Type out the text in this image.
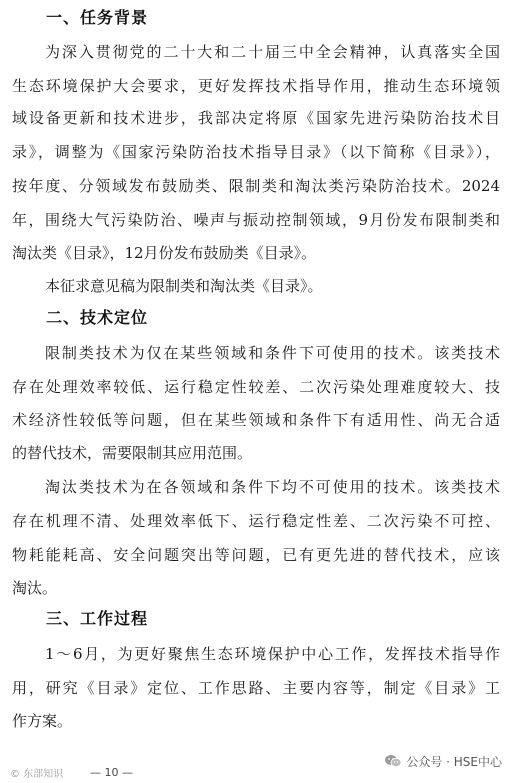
一、任务背景
为深入贯彻党的二十大和二十届三中全会精神，认真落实全国
生态环境保护大会要求，更好发挥技术指导作用，推动生态环境领
域设备更新和技术进步，我部决定将原《国家先进污染防治技术目
录》，调整为《国家污染防治技术指导目录》（以下简称《目录》），
按年度、分领域发布鼓励类、限制类和淘汰类污染防治技术。2024
年，围绕大气污染防治、噪声与振动控制领域，9月份发布限制类和
淘汰类《目录》，12月份发布鼓励类《目录》。
本征求意见稿为限制类和淘汰类《目录》。
二、技术定位
限制类技术为仅在某些领域和条件下可使用的技术。该类技术
存在处理效率较低、运行稳定性较差、二次污染处理难度较大、技
术经济性较低等问题，但在某些领域和条件下有适用性、尚无合适
的替代技术，需要限制其应用范围。
淘汰类技术为在各领域和条件下均不可使用的技术。该类技术
存在机理不清、处理效率低下、运行稳定性差、二次污染不可控、
物耗能耗高、安全问题突出等问题，已有更先进的替代技术，应该
淘汰。
三、工作过程
1～6月，为更好聚焦生态环境保护中心工作，发挥技术指导作
用，研究《目录》定位、工作思路、主要内容等，制定《目录》工
作方案。
公众号 · HSE中心
© 东部知识	— 10 —
